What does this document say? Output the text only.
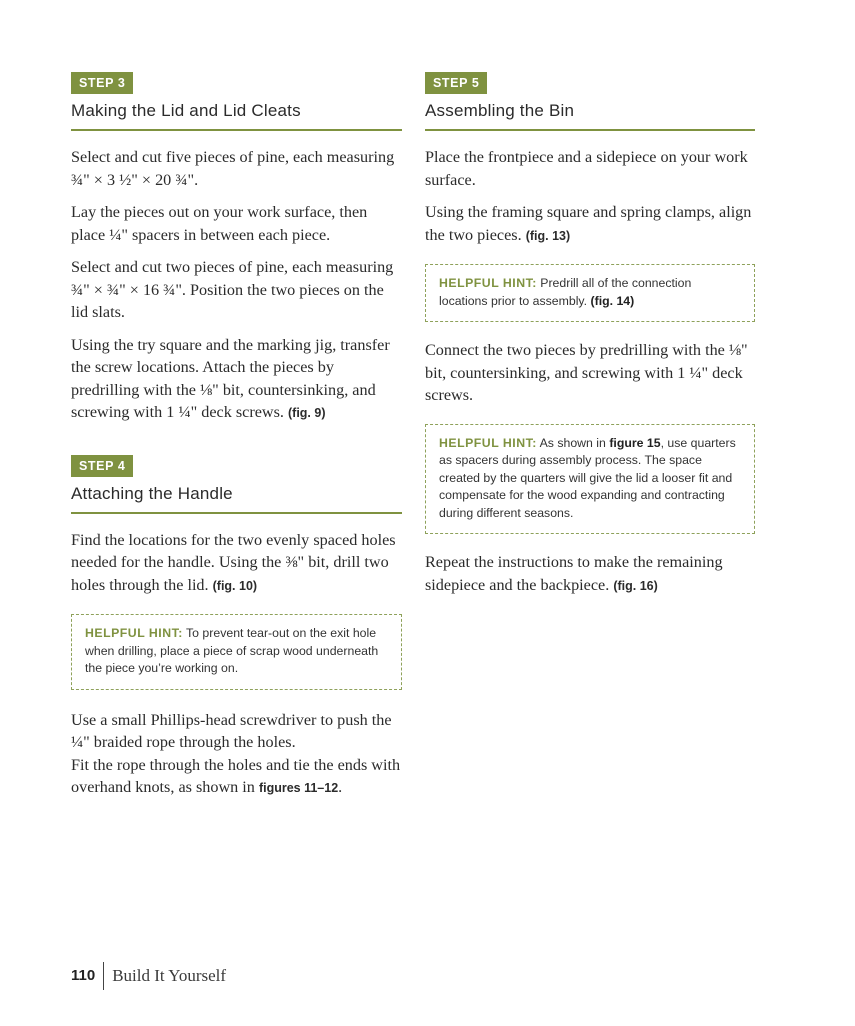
STEP 3
Making the Lid and Lid Cleats

Select and cut five pieces of pine, each measuring ¾" × 3 ½" × 20 ¾".

Lay the pieces out on your work surface, then place ¼" spacers in between each piece.

Select and cut two pieces of pine, each measuring ¾" × ¾" × 16 ¾". Position the two pieces on the lid slats.

Using the try square and the marking jig, transfer the screw locations. Attach the pieces by predrilling with the ⅛" bit, countersinking, and screwing with 1 ¼" deck screws. (fig. 9)

STEP 4
Attaching the Handle

Find the locations for the two evenly spaced holes needed for the handle. Using the ⅜" bit, drill two holes through the lid. (fig. 10)

HELPFUL HINT: To prevent tear-out on the exit hole when drilling, place a piece of scrap wood underneath the piece you’re working on.

Use a small Phillips-head screwdriver to push the ¼" braided rope through the holes.

Fit the rope through the holes and tie the ends with overhand knots, as shown in figures 11–12.

STEP 5
Assembling the Bin

Place the frontpiece and a sidepiece on your work surface.

Using the framing square and spring clamps, align the two pieces. (fig. 13)

HELPFUL HINT: Predrill all of the connection locations prior to assembly. (fig. 14)

Connect the two pieces by predrilling with the ⅛" bit, countersinking, and screwing with 1 ¼" deck screws.

HELPFUL HINT: As shown in figure 15, use quarters as spacers during assembly process. The space created by the quarters will give the lid a looser fit and compensate for the wood expanding and contracting during different seasons.

Repeat the instructions to make the remaining sidepiece and the backpiece. (fig. 16)

110	Build It Yourself
